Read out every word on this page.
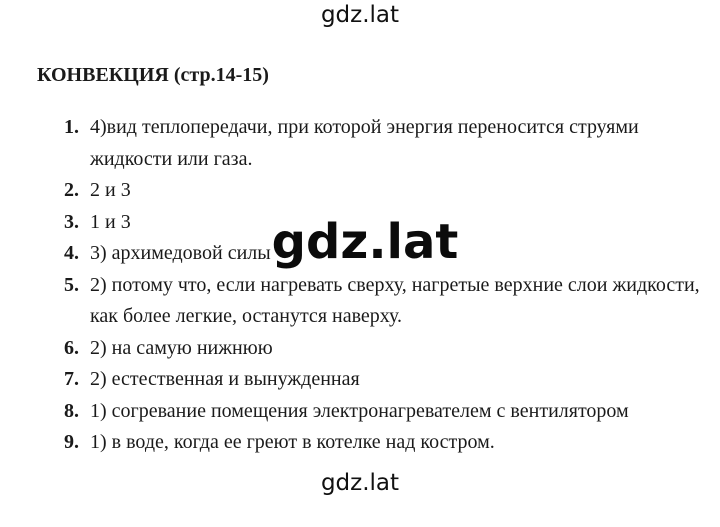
gdz.lat
КОНВЕКЦИЯ (стр.14-15)
1. 4)вид теплопередачи, при которой энергия переносится струями жидкости или газа.
2. 2 и 3
3. 1 и 3
4. 3) архимедовой силы
5. 2) потому что, если нагревать сверху, нагретые верхние слои жидкости, как более легкие, останутся наверху.
6. 2) на самую нижнюю
7. 2) естественная и вынужденная
8. 1) согревание помещения электронагревателем с вентилятором
9. 1) в воде, когда ее греют в котелке над костром.
gdz.lat
gdz.lat
